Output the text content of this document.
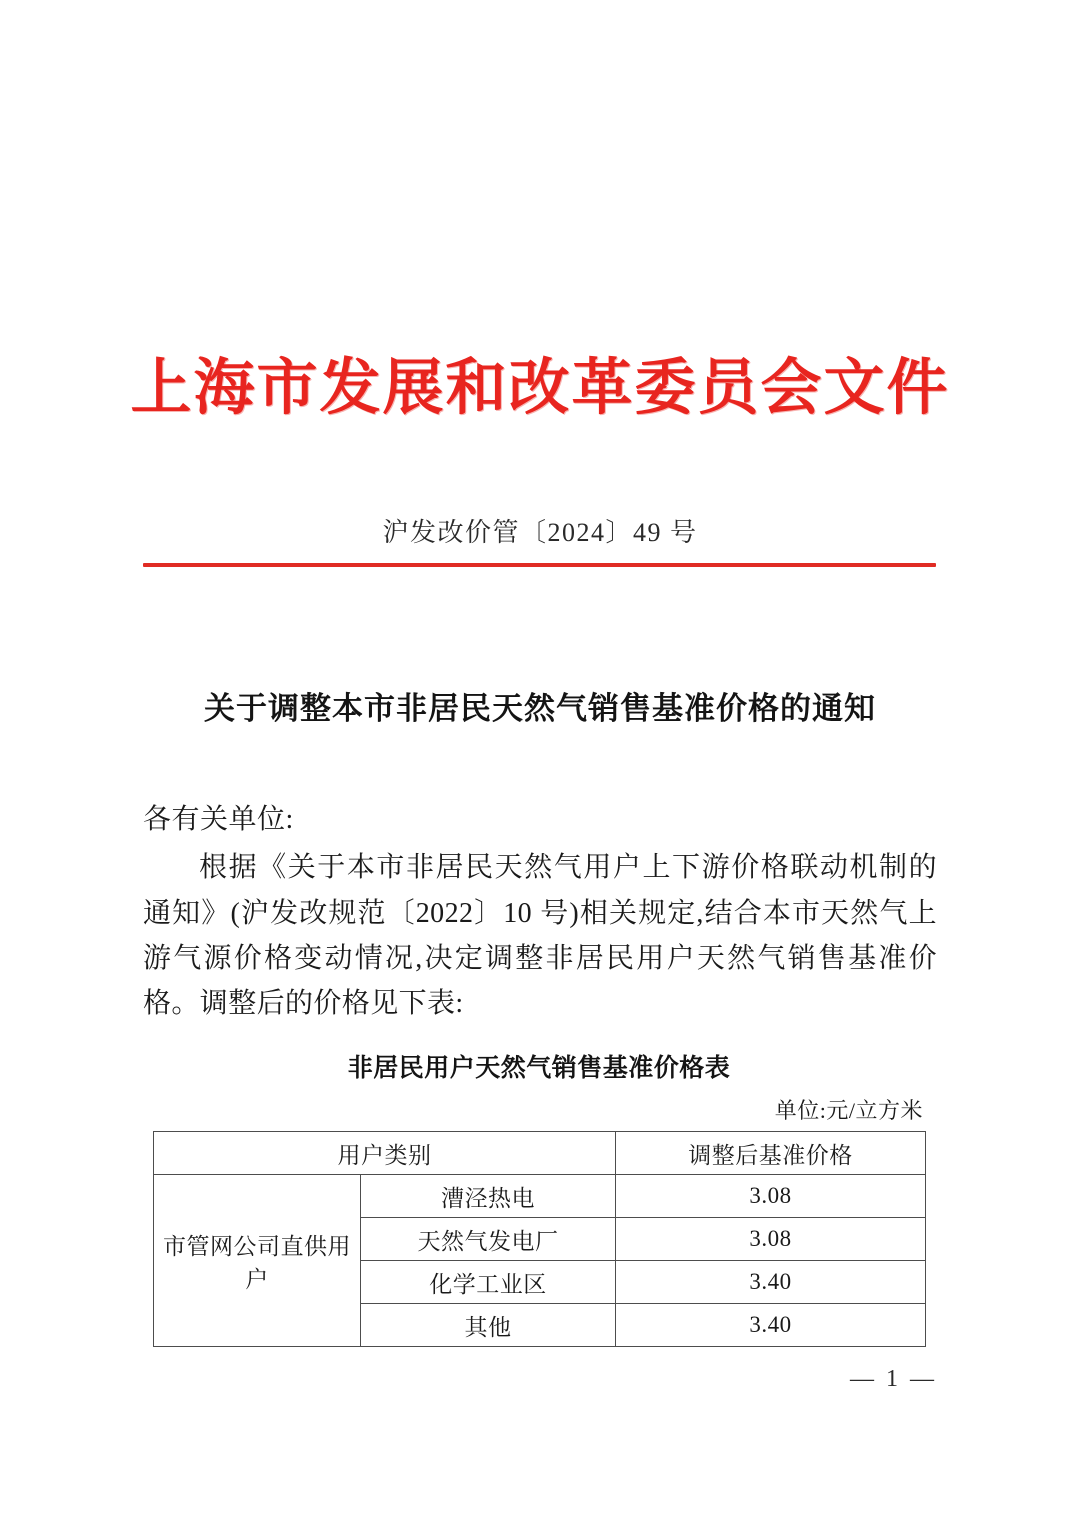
上海市发展和改革委员会文件
沪发改价管〔2024〕49 号
关于调整本市非居民天然气销售基准价格的通知

各有关单位:

根据《关于本市非居民天然气用户上下游价格联动机制的通知》(沪发改规范〔2022〕10 号)相关规定,结合本市天然气上游气源价格变动情况,决定调整非居民用户天然气销售基准价格。调整后的价格见下表:

非居民用户天然气销售基准价格表
单位:元/立方米
用户类别		调整后基准价格
市管网公司直供用户	漕泾热电	3.08
	天然气发电厂	3.08
	化学工业区	3.40
	其他	3.40
— 1 —
